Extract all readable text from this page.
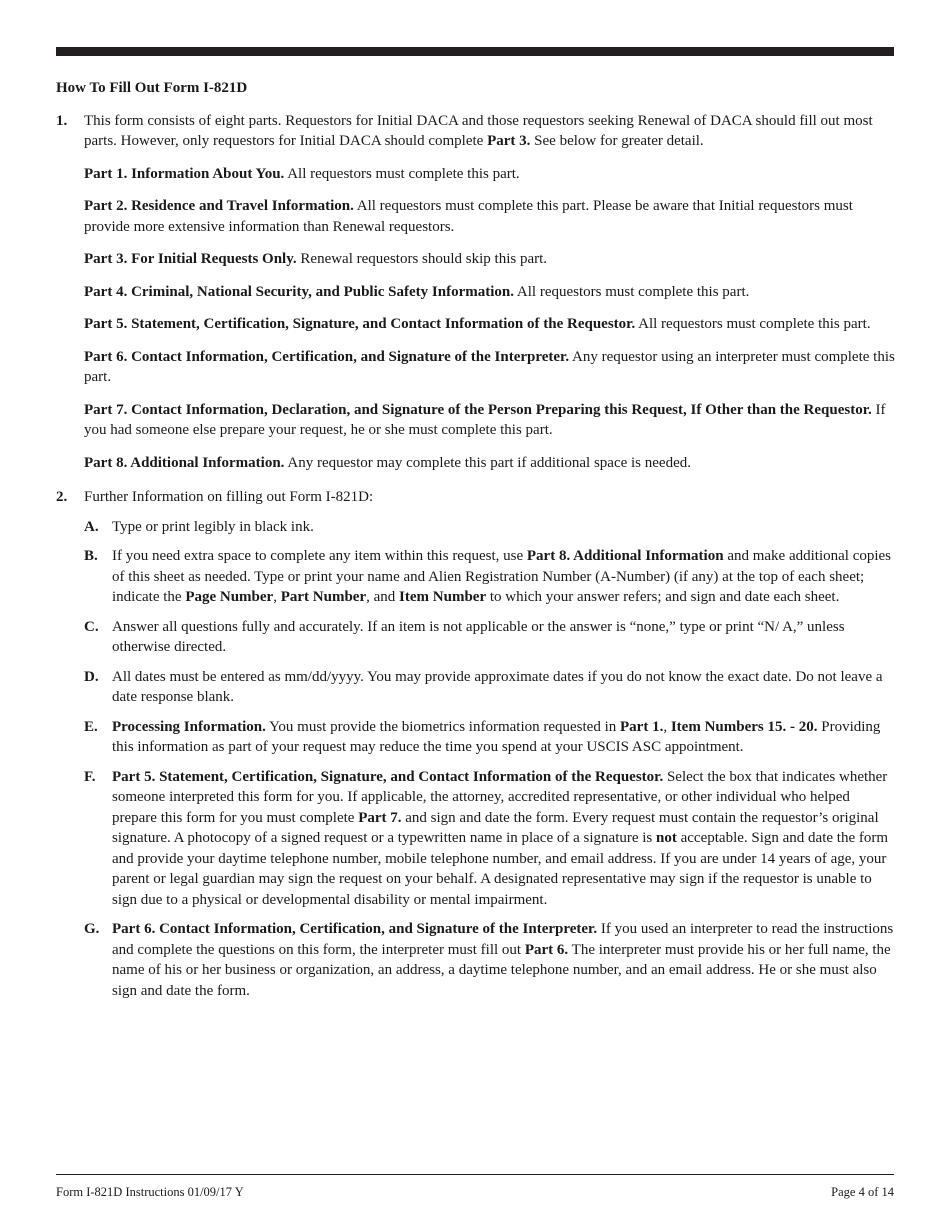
How To Fill Out Form I-821D

1. This form consists of eight parts. Requestors for Initial DACA and those requestors seeking Renewal of DACA should fill out most parts. However, only requestors for Initial DACA should complete Part 3. See below for greater detail.

Part 1. Information About You. All requestors must complete this part.

Part 2. Residence and Travel Information. All requestors must complete this part. Please be aware that Initial requestors must provide more extensive information than Renewal requestors.

Part 3. For Initial Requests Only. Renewal requestors should skip this part.

Part 4. Criminal, National Security, and Public Safety Information. All requestors must complete this part.

Part 5. Statement, Certification, Signature, and Contact Information of the Requestor. All requestors must complete this part.

Part 6. Contact Information, Certification, and Signature of the Interpreter. Any requestor using an interpreter must complete this part.

Part 7. Contact Information, Declaration, and Signature of the Person Preparing this Request, If Other than the Requestor. If you had someone else prepare your request, he or she must complete this part.

Part 8. Additional Information. Any requestor may complete this part if additional space is needed.

2. Further Information on filling out Form I-821D:

A. Type or print legibly in black ink.
B. If you need extra space to complete any item within this request, use Part 8. Additional Information and make additional copies of this sheet as needed. Type or print your name and Alien Registration Number (A-Number) (if any) at the top of each sheet; indicate the Page Number, Part Number, and Item Number to which your answer refers; and sign and date each sheet.
C. Answer all questions fully and accurately. If an item is not applicable or the answer is “none,” type or print “N/ A,” unless otherwise directed.
D. All dates must be entered as mm/dd/yyyy. You may provide approximate dates if you do not know the exact date. Do not leave a date response blank.
E. Processing Information. You must provide the biometrics information requested in Part 1., Item Numbers 15. - 20. Providing this information as part of your request may reduce the time you spend at your USCIS ASC appointment.
F. Part 5. Statement, Certification, Signature, and Contact Information of the Requestor. Select the box that indicates whether someone interpreted this form for you. If applicable, the attorney, accredited representative, or other individual who helped prepare this form for you must complete Part 7. and sign and date the form. Every request must contain the requestor’s original signature. A photocopy of a signed request or a typewritten name in place of a signature is not acceptable. Sign and date the form and provide your daytime telephone number, mobile telephone number, and email address. If you are under 14 years of age, your parent or legal guardian may sign the request on your behalf. A designated representative may sign if the requestor is unable to sign due to a physical or developmental disability or mental impairment.
G. Part 6. Contact Information, Certification, and Signature of the Interpreter. If you used an interpreter to read the instructions and complete the questions on this form, the interpreter must fill out Part 6. The interpreter must provide his or her full name, the name of his or her business or organization, an address, a daytime telephone number, and an email address. He or she must also sign and date the form.
Form I-821D Instructions 01/09/17 Y	Page 4 of 14
